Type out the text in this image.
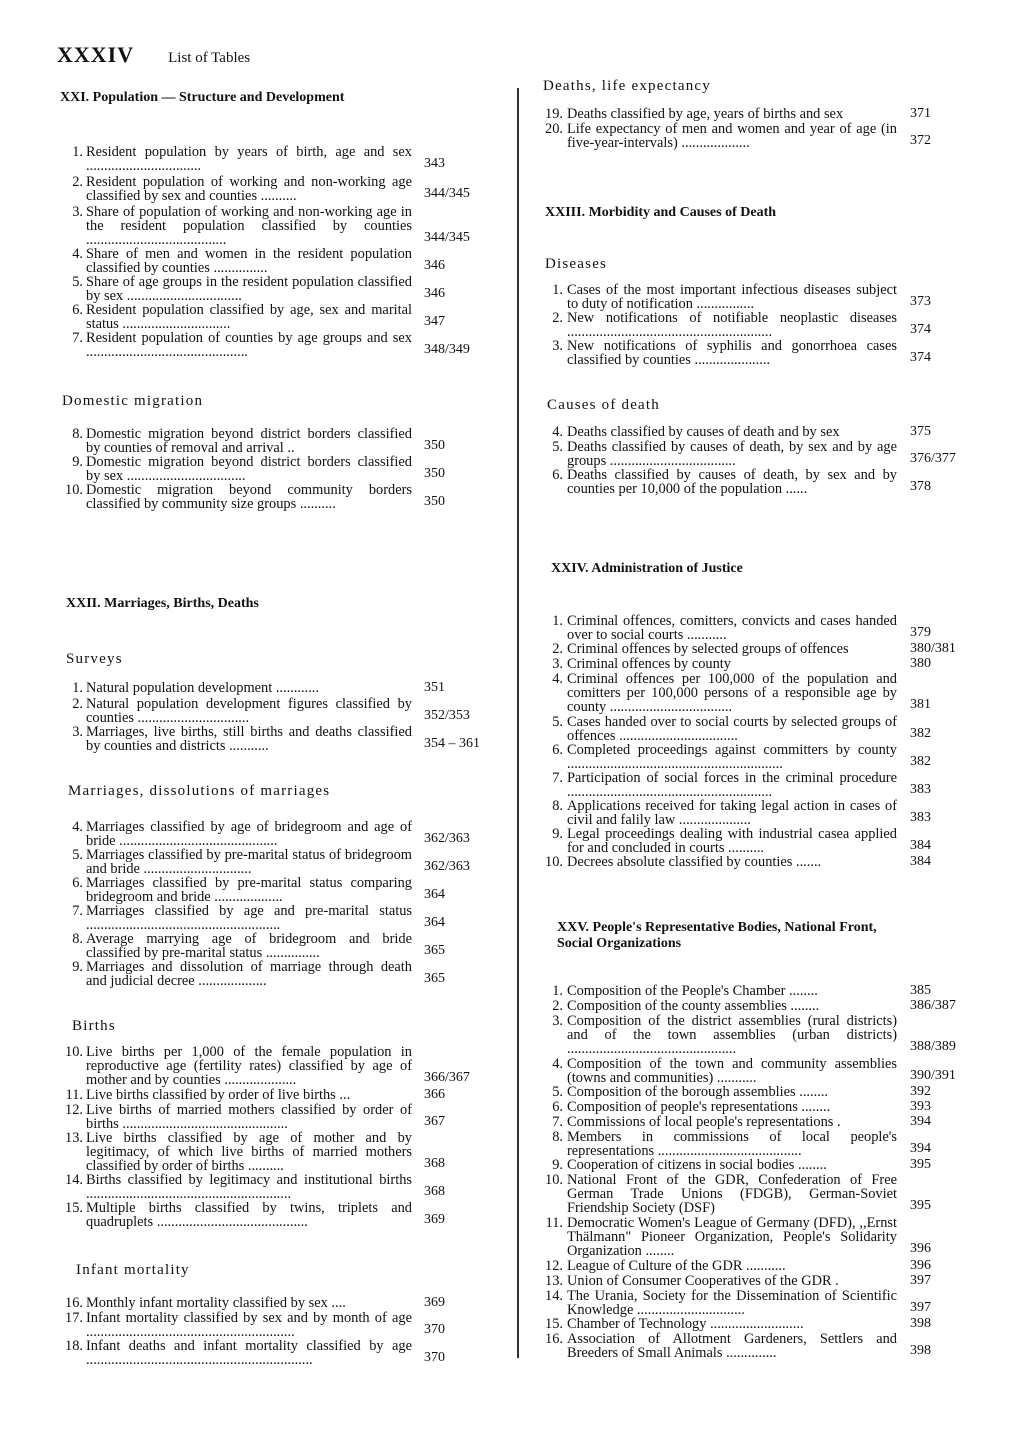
XXXIV List of Tables
XXI. Population — Structure and Development
1. Resident population by years of birth, age and sex ................................	343
2. Resident population of working and non-working age classified by sex and counties ..........	344/345
3. Share of population of working and non-working age in the resident population classified by counties .......................................	344/345
4. Share of men and women in the resident population classified by counties ...............	346
5. Share of age groups in the resident population classified by sex ................................	346
6. Resident population classified by age, sex and marital status ..............................	347
7. Resident population of counties by age groups and sex .............................................	348/349
Domestic migration
8. Domestic migration beyond district borders classified by counties of removal and arrival ..	350
9. Domestic migration beyond district borders classified by sex .................................	350
10. Domestic migration beyond community borders classified by community size groups ..........	350
XXII. Marriages, Births, Deaths
Surveys
1. Natural population development ............	351
2. Natural population development figures classified by counties ...............................	352/353
3. Marriages, live births, still births and deaths classified by counties and districts ...........	354 – 361
Marriages, dissolutions of marriages
4. Marriages classified by age of bridegroom and age of bride ............................................	362/363
5. Marriages classified by pre-marital status of bridegroom and bride ..............................	362/363
6. Marriages classified by pre-marital status comparing bridegroom and bride ...................	364
7. Marriages classified by age and pre-marital status ......................................................	364
8. Average marrying age of bridegroom and bride classified by pre-marital status ...............	365
9. Marriages and dissolution of marriage through death and judicial decree ...................	365
Births
10. Live births per 1,000 of the female population in reproductive age (fertility rates) classified by age of mother and by counties ....................	366/367
11. Live births classified by order of live births ...	366
12. Live births of married mothers classified by order of births ..............................................	367
13. Live births classified by age of mother and by legitimacy, of which live births of married mothers classified by order of births ..........	368
14. Births classified by legitimacy and institutional births .........................................................	368
15. Multiple births classified by twins, triplets and quadruplets ..........................................	369
Infant mortality
16. Monthly infant mortality classified by sex ....	369
17. Infant mortality classified by sex and by month of age ..........................................................	370
18. Infant deaths and infant mortality classified by age ...............................................................	370
Deaths, life expectancy
19. Deaths classified by age, years of births and sex	371
20. Life expectancy of men and women and year of age (in five-year-intervals) ...................	372
XXIII. Morbidity and Causes of Death
Diseases
1. Cases of the most important infectious diseases subject to duty of notification ................	373
2. New notifications of notifiable neoplastic diseases .........................................................	374
3. New notifications of syphilis and gonorrhoea cases classified by counties .....................	374
Causes of death
4. Deaths classified by causes of death and by sex	375
5. Deaths classified by causes of death, by sex and by age groups ...................................	376/377
6. Deaths classified by causes of death, by sex and by counties per 10,000 of the population ......	378
XXIV. Administration of Justice
1. Criminal offences, comitters, convicts and cases handed over to social courts ...........	379
2. Criminal offences by selected groups of offences	380/381
3. Criminal offences by county	380
4. Criminal offences per 100,000 of the population and comitters per 100,000 persons of a responsible age by county ..................................	381
5. Cases handed over to social courts by selected groups of offences .................................	382
6. Completed proceedings against committers by county ............................................................	382
7. Participation of social forces in the criminal procedure .........................................................	383
8. Applications received for taking legal action in cases of civil and falily law ....................	383
9. Legal proceedings dealing with industrial casea applied for and concluded in courts ..........	384
10. Decrees absolute classified by counties .......	384
XXV. People's Representative Bodies, National Front, Social Organizations
1. Composition of the People's Chamber ........	385
2. Composition of the county assemblies ........	386/387
3. Composition of the district assemblies (rural districts) and of the town assemblies (urban districts) ...............................................	388/389
4. Composition of the town and community assemblies (towns and communities) ...........	390/391
5. Composition of the borough assemblies ........	392
6. Composition of people's representations ........	393
7. Commissions of local people's representations .	394
8. Members in commissions of local people's representations ........................................	394
9. Cooperation of citizens in social bodies ........	395
10. National Front of the GDR, Confederation of Free German Trade Unions (FDGB), German-Soviet Friendship Society (DSF)	395
11. Democratic Women's League of Germany (DFD), ,,Ernst Thälmann" Pioneer Organization, People's Solidarity Organization ........	396
12. League of Culture of the GDR ...........	396
13. Union of Consumer Cooperatives of the GDR .	397
14. The Urania, Society for the Dissemination of Scientific Knowledge ..............................	397
15. Chamber of Technology ..........................	398
16. Association of Allotment Gardeners, Settlers and Breeders of Small Animals ..............	398
